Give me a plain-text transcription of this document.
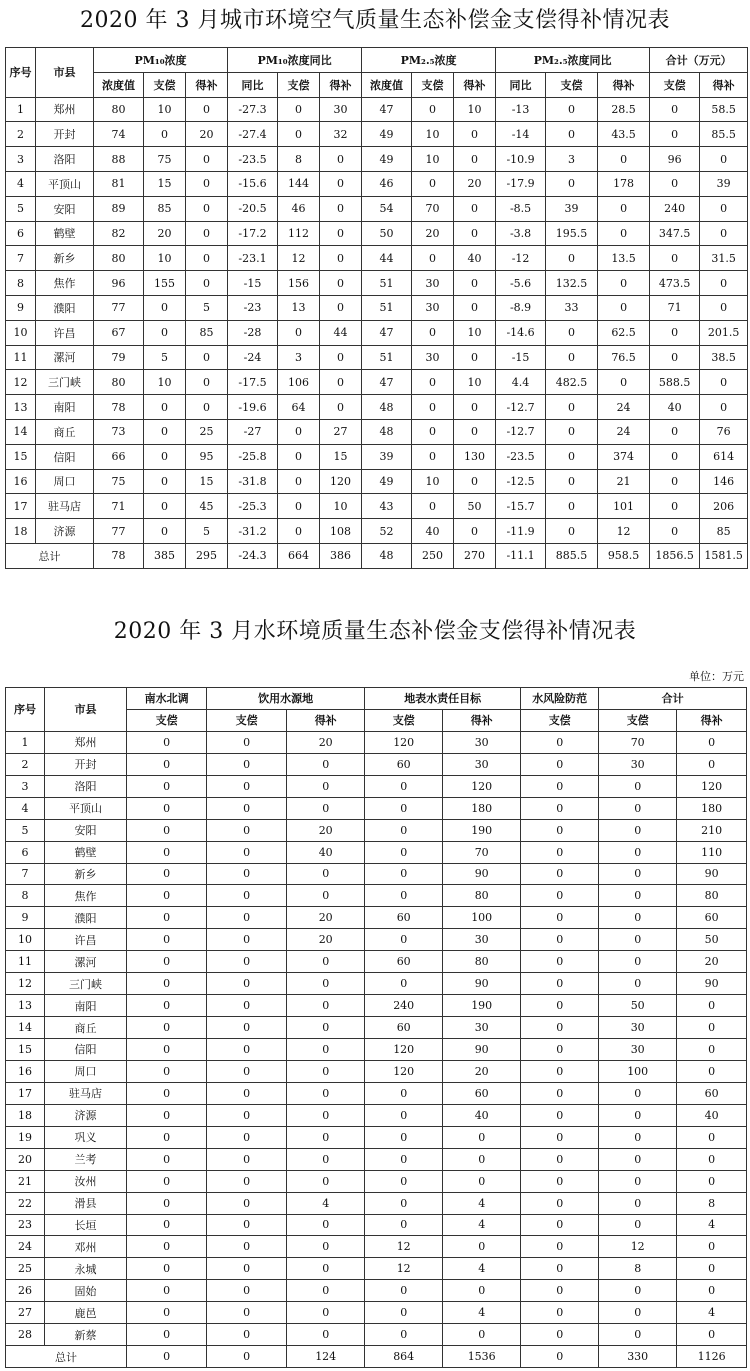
2020 年 3 月城市环境空气质量生态补偿金支偿得补情况表
序号	市县	PM₁₀浓度			PM₁₀浓度同比			PM₂.₅浓度			PM₂.₅浓度同比			合计（万元）	
		浓度值	支偿	得补	同比	支偿	得补	浓度值	支偿	得补	同比	支偿	得补	支偿	得补
1	郑州	80	10	0	-27.3	0	30	47	0	10	-13	0	28.5	0	58.5
2	开封	74	0	20	-27.4	0	32	49	10	0	-14	0	43.5	0	85.5
3	洛阳	88	75	0	-23.5	8	0	49	10	0	-10.9	3	0	96	0
4	平顶山	81	15	0	-15.6	144	0	46	0	20	-17.9	0	178	0	39
5	安阳	89	85	0	-20.5	46	0	54	70	0	-8.5	39	0	240	0
6	鹤壁	82	20	0	-17.2	112	0	50	20	0	-3.8	195.5	0	347.5	0
7	新乡	80	10	0	-23.1	12	0	44	0	40	-12	0	13.5	0	31.5
8	焦作	96	155	0	-15	156	0	51	30	0	-5.6	132.5	0	473.5	0
9	濮阳	77	0	5	-23	13	0	51	30	0	-8.9	33	0	71	0
10	许昌	67	0	85	-28	0	44	47	0	10	-14.6	0	62.5	0	201.5
11	漯河	79	5	0	-24	3	0	51	30	0	-15	0	76.5	0	38.5
12	三门峡	80	10	0	-17.5	106	0	47	0	10	4.4	482.5	0	588.5	0
13	南阳	78	0	0	-19.6	64	0	48	0	0	-12.7	0	24	40	0
14	商丘	73	0	25	-27	0	27	48	0	0	-12.7	0	24	0	76
15	信阳	66	0	95	-25.8	0	15	39	0	130	-23.5	0	374	0	614
16	周口	75	0	15	-31.8	0	120	49	10	0	-12.5	0	21	0	146
17	驻马店	71	0	45	-25.3	0	10	43	0	50	-15.7	0	101	0	206
18	济源	77	0	5	-31.2	0	108	52	40	0	-11.9	0	12	0	85
总计		78	385	295	-24.3	664	386	48	250	270	-11.1	885.5	958.5	1856.5	1581.5
2020 年 3 月水环境质量生态补偿金支偿得补情况表
单位：万元
序号	市县	南水北调	饮用水源地		地表水责任目标		水风险防范	合计	
		支偿	支偿	得补	支偿	得补	支偿	支偿	得补
1	郑州	0	0	20	120	30	0	70	0
2	开封	0	0	0	60	30	0	30	0
3	洛阳	0	0	0	0	120	0	0	120
4	平顶山	0	0	0	0	180	0	0	180
5	安阳	0	0	20	0	190	0	0	210
6	鹤壁	0	0	40	0	70	0	0	110
7	新乡	0	0	0	0	90	0	0	90
8	焦作	0	0	0	0	80	0	0	80
9	濮阳	0	0	20	60	100	0	0	60
10	许昌	0	0	20	0	30	0	0	50
11	漯河	0	0	0	60	80	0	0	20
12	三门峡	0	0	0	0	90	0	0	90
13	南阳	0	0	0	240	190	0	50	0
14	商丘	0	0	0	60	30	0	30	0
15	信阳	0	0	0	120	90	0	30	0
16	周口	0	0	0	120	20	0	100	0
17	驻马店	0	0	0	0	60	0	0	60
18	济源	0	0	0	0	40	0	0	40
19	巩义	0	0	0	0	0	0	0	0
20	兰考	0	0	0	0	0	0	0	0
21	汝州	0	0	0	0	0	0	0	0
22	滑县	0	0	4	0	4	0	0	8
23	长垣	0	0	0	0	4	0	0	4
24	邓州	0	0	0	12	0	0	12	0
25	永城	0	0	0	12	4	0	8	0
26	固始	0	0	0	0	0	0	0	0
27	鹿邑	0	0	0	0	4	0	0	4
28	新蔡	0	0	0	0	0	0	0	0
总计		0	0	124	864	1536	0	330	1126
